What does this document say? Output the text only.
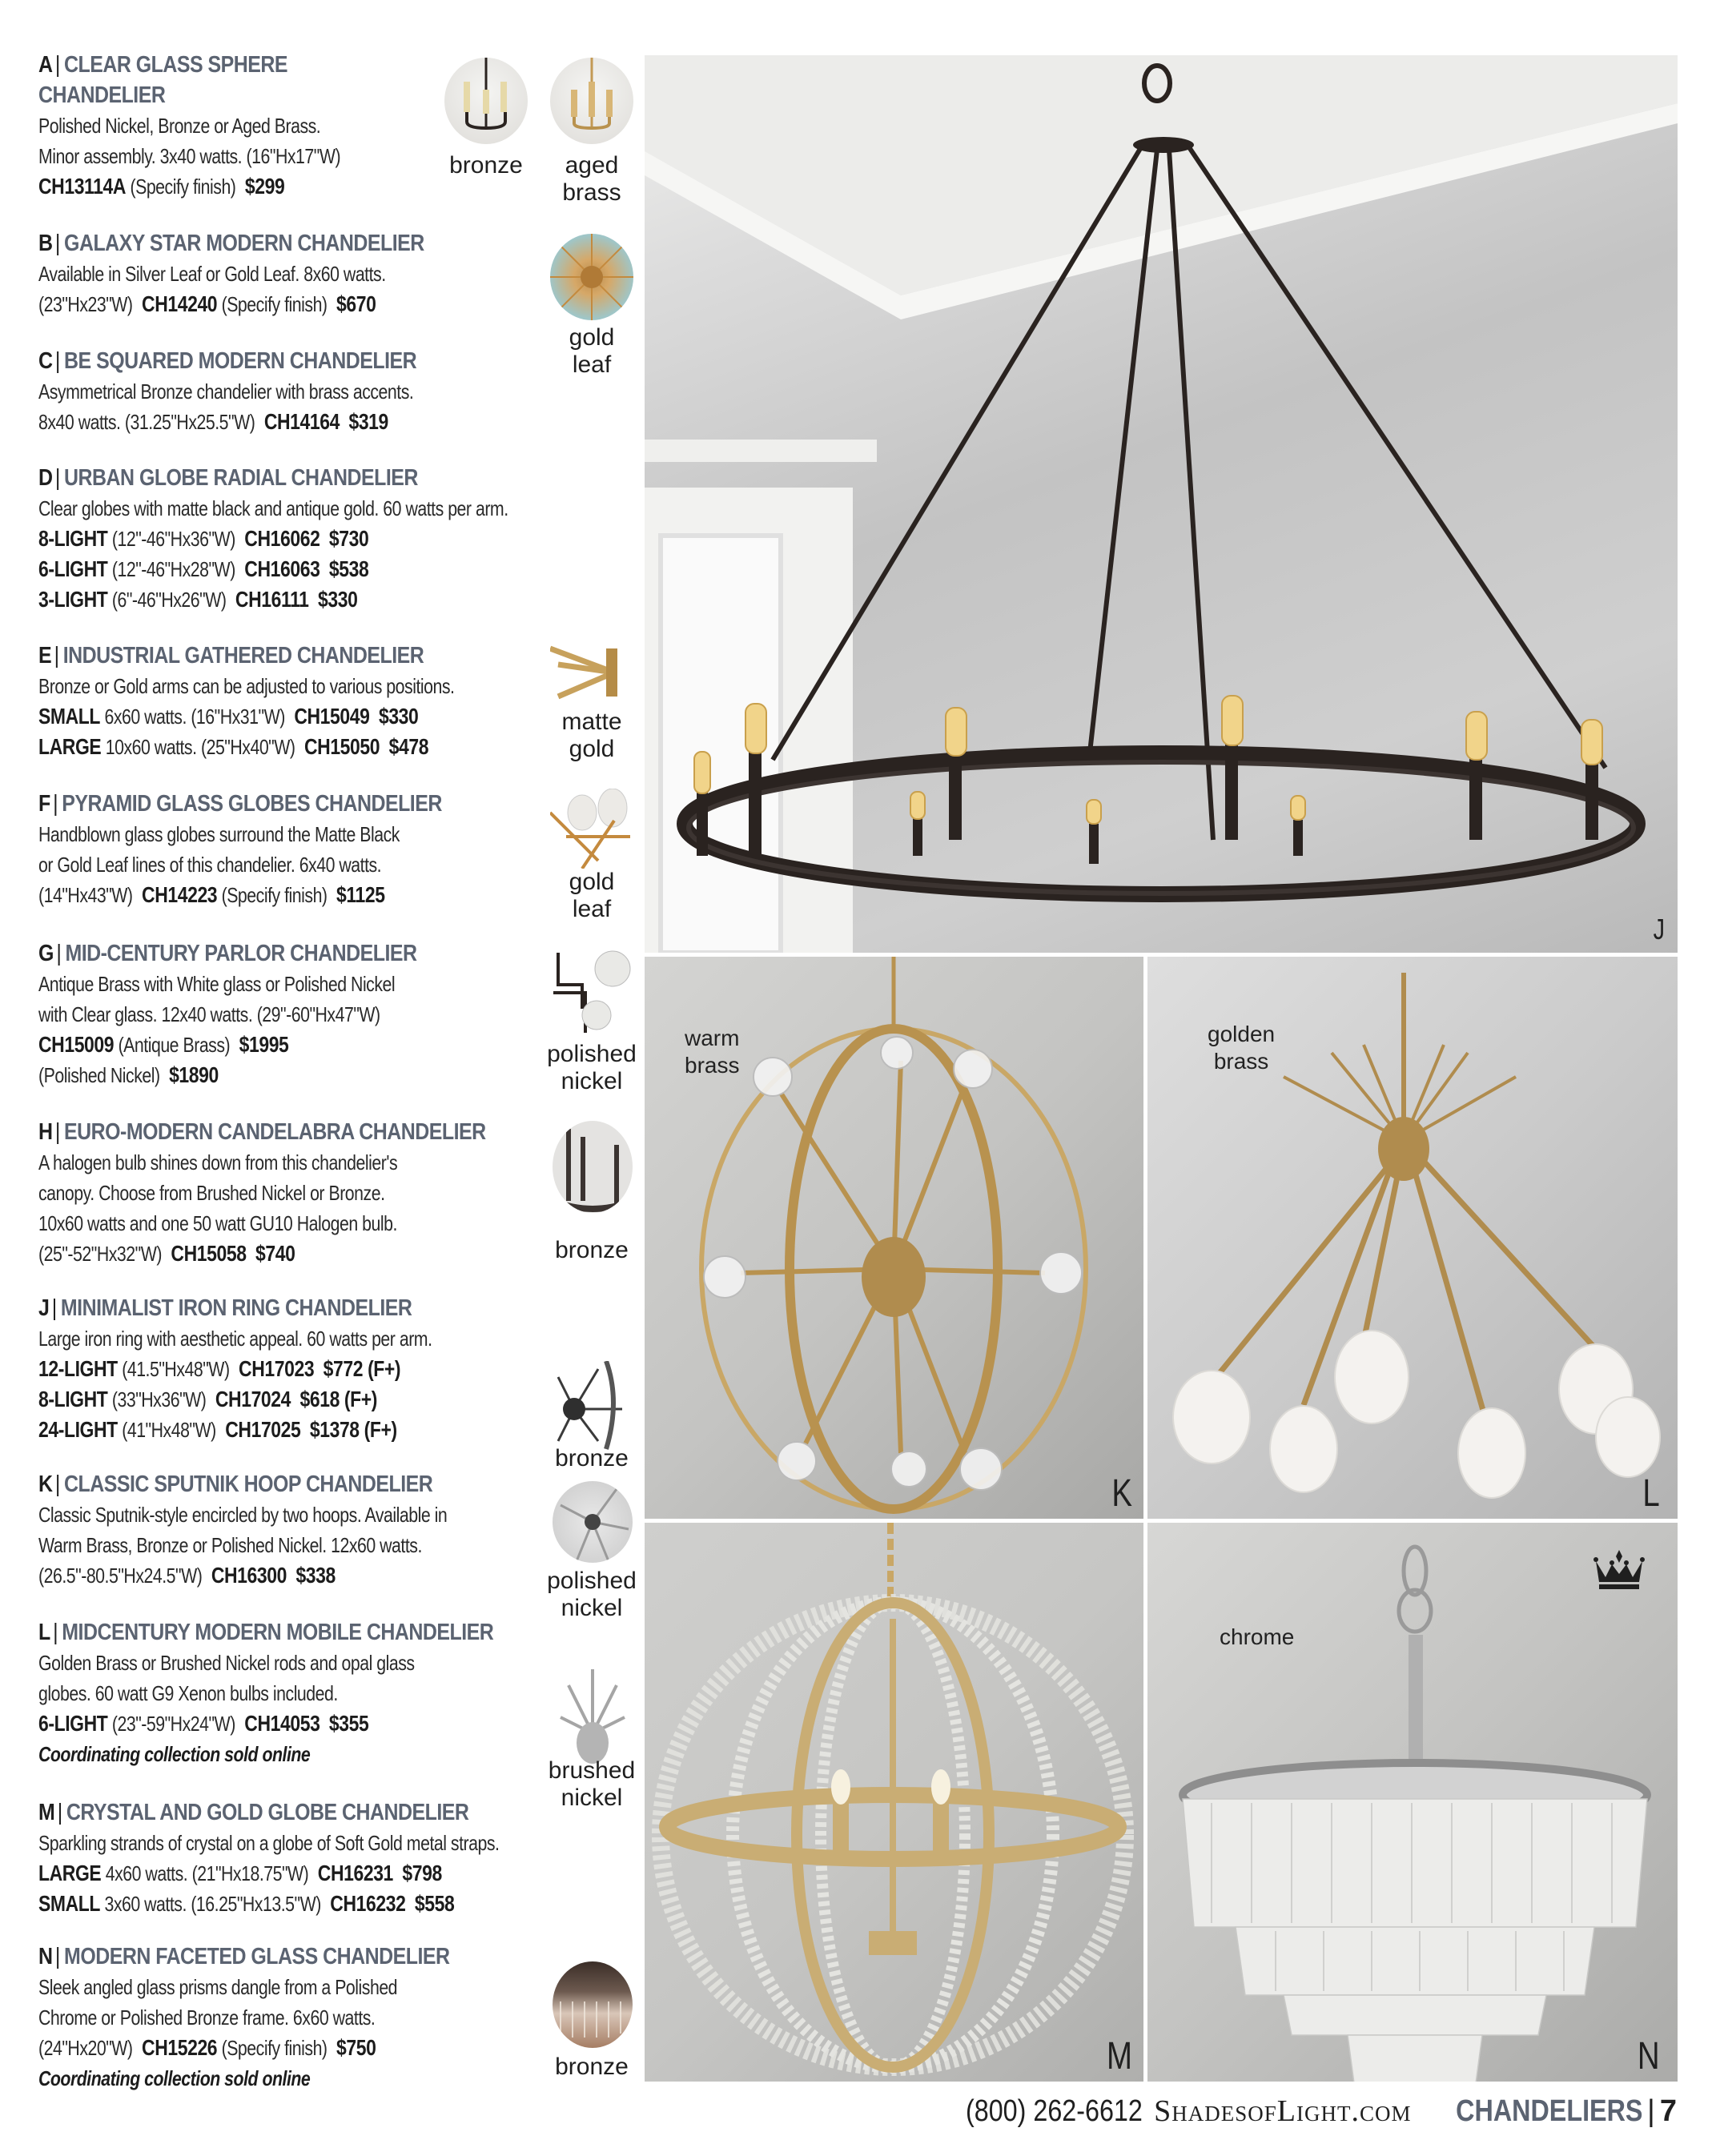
A | CLEAR GLASS SPHERE CHANDELIER
Polished Nickel, Bronze or Aged Brass.
Minor assembly. 3x40 watts. (16"Hx17"W)
CH13114A (Specify finish) $299
B | GALAXY STAR MODERN CHANDELIER
Available in Silver Leaf or Gold Leaf. 8x60 watts.
(23"Hx23"W) CH14240 (Specify finish) $670
C | BE SQUARED MODERN CHANDELIER
Asymmetrical Bronze chandelier with brass accents.
8x40 watts. (31.25"Hx25.5"W) CH14164 $319
D | URBAN GLOBE RADIAL CHANDELIER
Clear globes with matte black and antique gold. 60 watts per arm.
8-LIGHT (12"-46"Hx36"W) CH16062 $730
6-LIGHT (12"-46"Hx28"W) CH16063 $538
3-LIGHT (6"-46"Hx26"W) CH16111 $330
E | INDUSTRIAL GATHERED CHANDELIER
Bronze or Gold arms can be adjusted to various positions.
SMALL 6x60 watts. (16"Hx31"W) CH15049 $330
LARGE 10x60 watts. (25"Hx40"W) CH15050 $478
F | PYRAMID GLASS GLOBES CHANDELIER
Handblown glass globes surround the Matte Black
or Gold Leaf lines of this chandelier. 6x40 watts.
(14"Hx43"W) CH14223 (Specify finish) $1125
G | MID-CENTURY PARLOR CHANDELIER
Antique Brass with White glass or Polished Nickel
with Clear glass. 12x40 watts. (29"-60"Hx47"W)
CH15009 (Antique Brass) $1995
(Polished Nickel) $1890
H | EURO-MODERN CANDELABRA CHANDELIER
A halogen bulb shines down from this chandelier's
canopy. Choose from Brushed Nickel or Bronze.
10x60 watts and one 50 watt GU10 Halogen bulb.
(25"-52"Hx32"W) CH15058 $740
J | MINIMALIST IRON RING CHANDELIER
Large iron ring with aesthetic appeal. 60 watts per arm.
12-LIGHT (41.5"Hx48"W) CH17023 $772 (F+)
8-LIGHT (33"Hx36"W) CH17024 $618 (F+)
24-LIGHT (41"Hx48"W) CH17025 $1378 (F+)
K | CLASSIC SPUTNIK HOOP CHANDELIER
Classic Sputnik-style encircled by two hoops. Available in
Warm Brass, Bronze or Polished Nickel. 12x60 watts.
(26.5"-80.5"Hx24.5"W) CH16300 $338
L | MIDCENTURY MODERN MOBILE CHANDELIER
Golden Brass or Brushed Nickel rods and opal glass
globes. 60 watt G9 Xenon bulbs included.
6-LIGHT (23"-59"Hx24"W) CH14053 $355
Coordinating collection sold online
M | CRYSTAL AND GOLD GLOBE CHANDELIER
Sparkling strands of crystal on a globe of Soft Gold metal straps.
LARGE 4x60 watts. (21"Hx18.75"W) CH16231 $798
SMALL 3x60 watts. (16.25"Hx13.5"W) CH16232 $558
N | MODERN FACETED GLASS CHANDELIER
Sleek angled glass prisms dangle from a Polished
Chrome or Polished Bronze frame. 6x60 watts.
(24"Hx20"W) CH15226 (Specify finish) $750
Coordinating collection sold online
bronze	aged
brass
gold
leaf
matte
gold
gold
leaf
polished
nickel
bronze
bronze
polished
nickel
brushed
nickel
bronze
J
warm
brass
K
golden
brass
L
M
chrome
N
(800) 262-6612 ShadesofLight.com CHANDELIERS | 7
